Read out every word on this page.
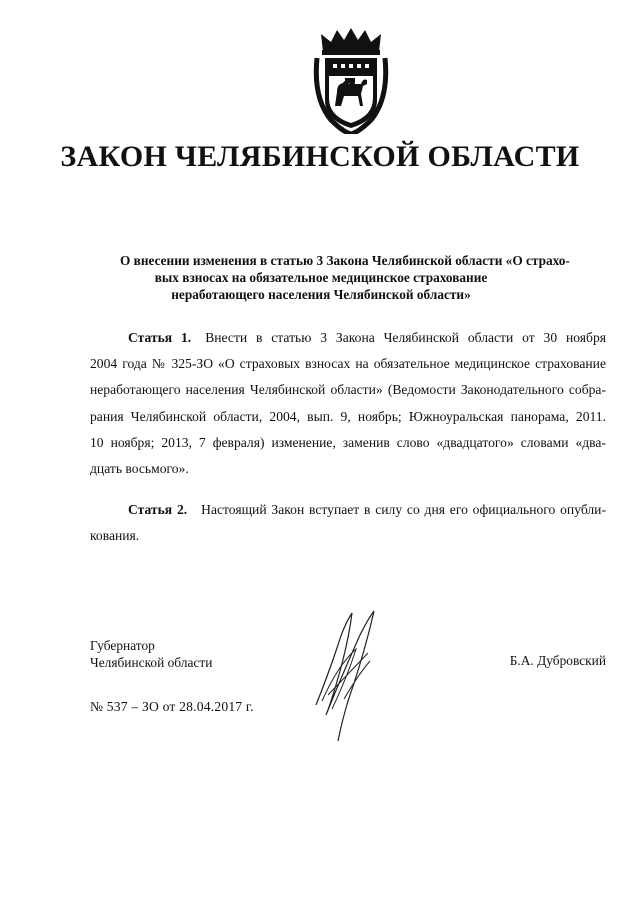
ЗАКОН ЧЕЛЯБИНСКОЙ ОБЛАСТИ
О внесении изменения в статью 3 Закона Челябинской области «О страхо-
вых взносах на обязательное медицинское страхование
неработающего населения Челябинской области»
Статья 1. Внести в статью 3 Закона Челябинской области от 30 ноября
2004 года № 325-ЗО «О страховых взносах на обязательное медицинское страхование
неработающего населения Челябинской области» (Ведомости Законодательного собра-
рания Челябинской области, 2004, вып. 9, ноябрь; Южноуральская панорама, 2011.
10 ноября; 2013, 7 февраля) изменение, заменив слово «двадцатого» словами «два-
дцать восьмого».
Статья 2. Настоящий Закон вступает в силу со дня его официального опубли-
кования.
Губернатор
Челябинской области	Б.А. Дубровский
№ 537 – ЗО от 28.04.2017 г.
